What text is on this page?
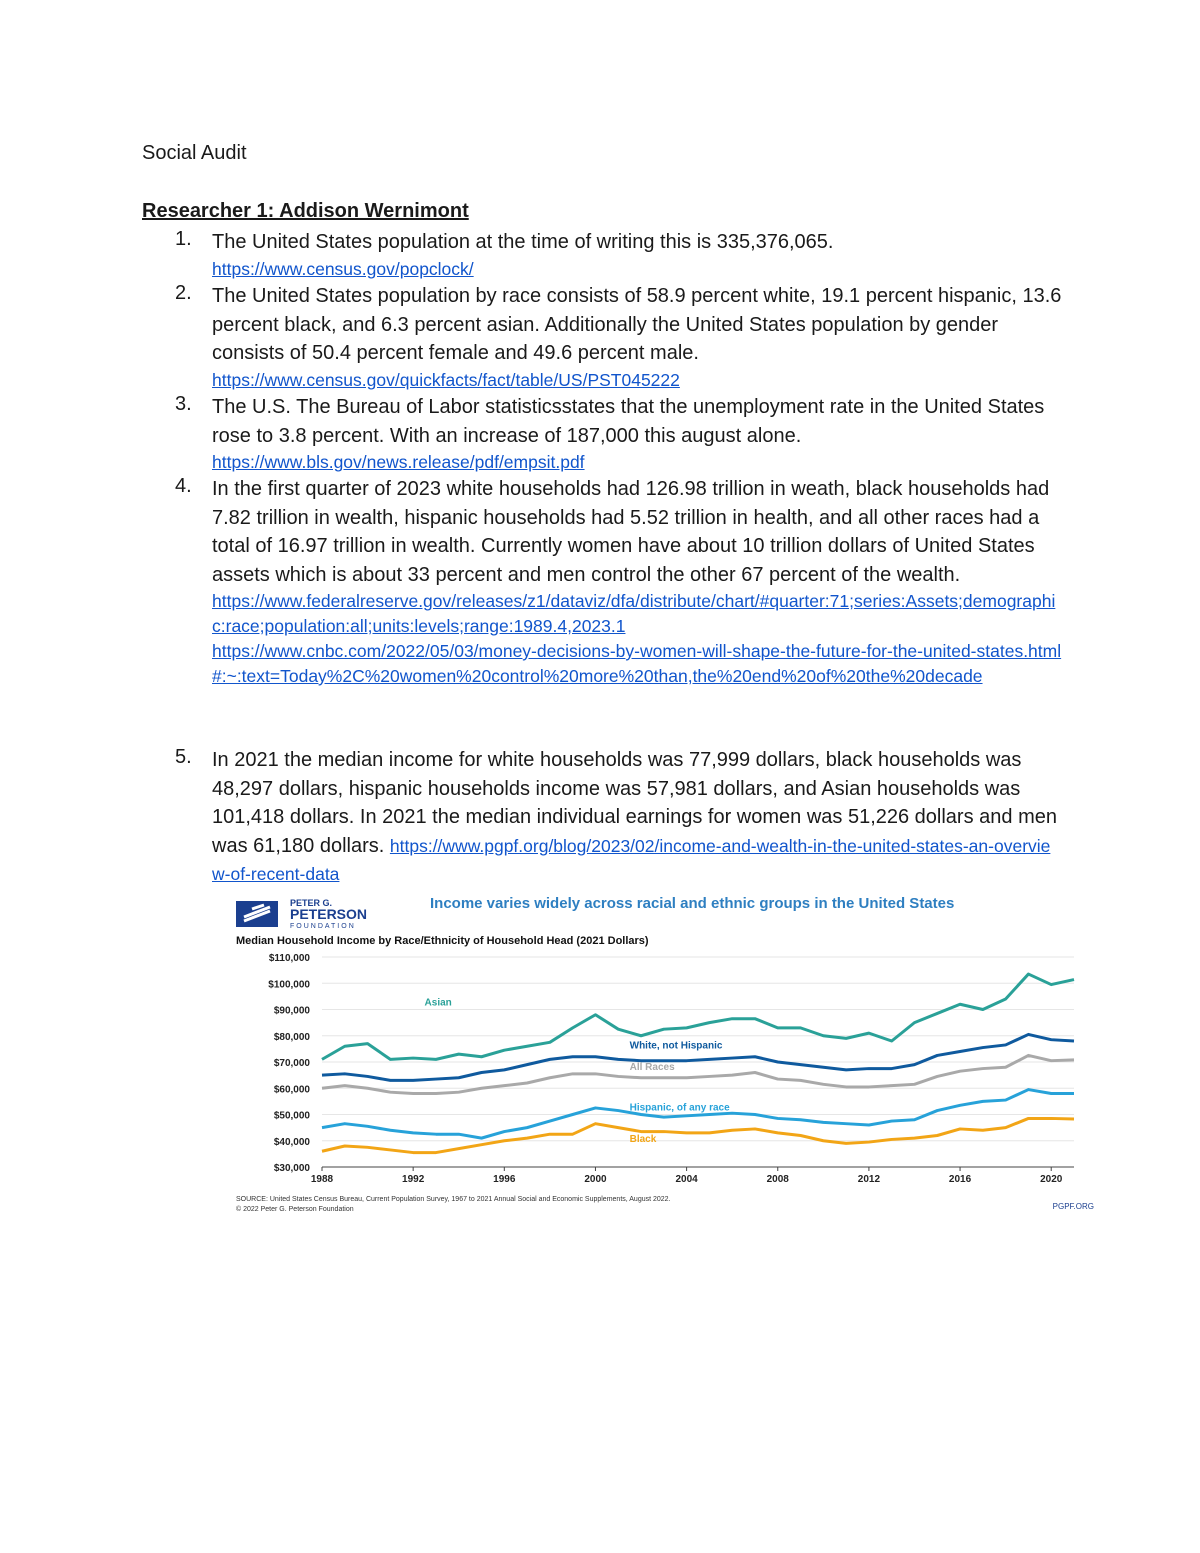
Social Audit
Researcher 1: Addison Wernimont
1.	The United States population at the time of writing this is 335,376,065.
https://www.census.gov/popclock/
2.	The United States population by race consists of 58.9 percent white, 19.1 percent hispanic, 13.6 percent black, and 6.3 percent asian. Additionally the United States population by gender consists of 50.4 percent female and 49.6 percent male.
https://www.census.gov/quickfacts/fact/table/US/PST045222
3.	The U.S. The Bureau of Labor statisticsstates that the unemployment rate in the United States rose to 3.8 percent. With an increase of 187,000 this august alone.
https://www.bls.gov/news.release/pdf/empsit.pdf
4.	In the first quarter of 2023 white households had 126.98 trillion in weath, black households had 7.82 trillion in wealth, hispanic households had 5.52 trillion in health, and all other races had a total of 16.97 trillion in wealth. Currently women have about 10 trillion dollars of United States assets which is about 33 percent and men control the other 67 percent of the wealth.
https://www.federalreserve.gov/releases/z1/dataviz/dfa/distribute/chart/#quarter:71;series:Assets;demographic:race;population:all;units:levels;range:1989.4,2023.1
https://www.cnbc.com/2022/05/03/money-decisions-by-women-will-shape-the-future-for-the-united-states.html#:~:text=Today%2C%20women%20control%20more%20than,the%20end%20of%20the%20decade
5.	In 2021 the median income for white households was 77,999 dollars, black households was 48,297 dollars, hispanic households income was 57,981 dollars, and Asian households was 101,418 dollars. In 2021 the median individual earnings for women was 51,226 dollars and men was 61,180 dollars. https://www.pgpf.org/blog/2023/02/income-and-wealth-in-the-united-states-an-overview-of-recent-data
PETER G.
PETERSON
FOUNDATION
Income varies widely across racial and ethnic groups in the United States
Median Household Income by Race/Ethnicity of Household Head (2021 Dollars)
$30,000
$40,000
$50,000
$60,000
$70,000
$80,000
$90,000
$100,000
$110,000
1988	1992	1996	2000	2004	2008	2012	2016	2020
Asian
White, not Hispanic
All Races
Hispanic, of any race
Black
SOURCE: United States Census Bureau, Current Population Survey, 1967 to 2021 Annual Social and Economic Supplements, August 2022.
© 2022 Peter G. Peterson Foundation	PGPF.ORG
